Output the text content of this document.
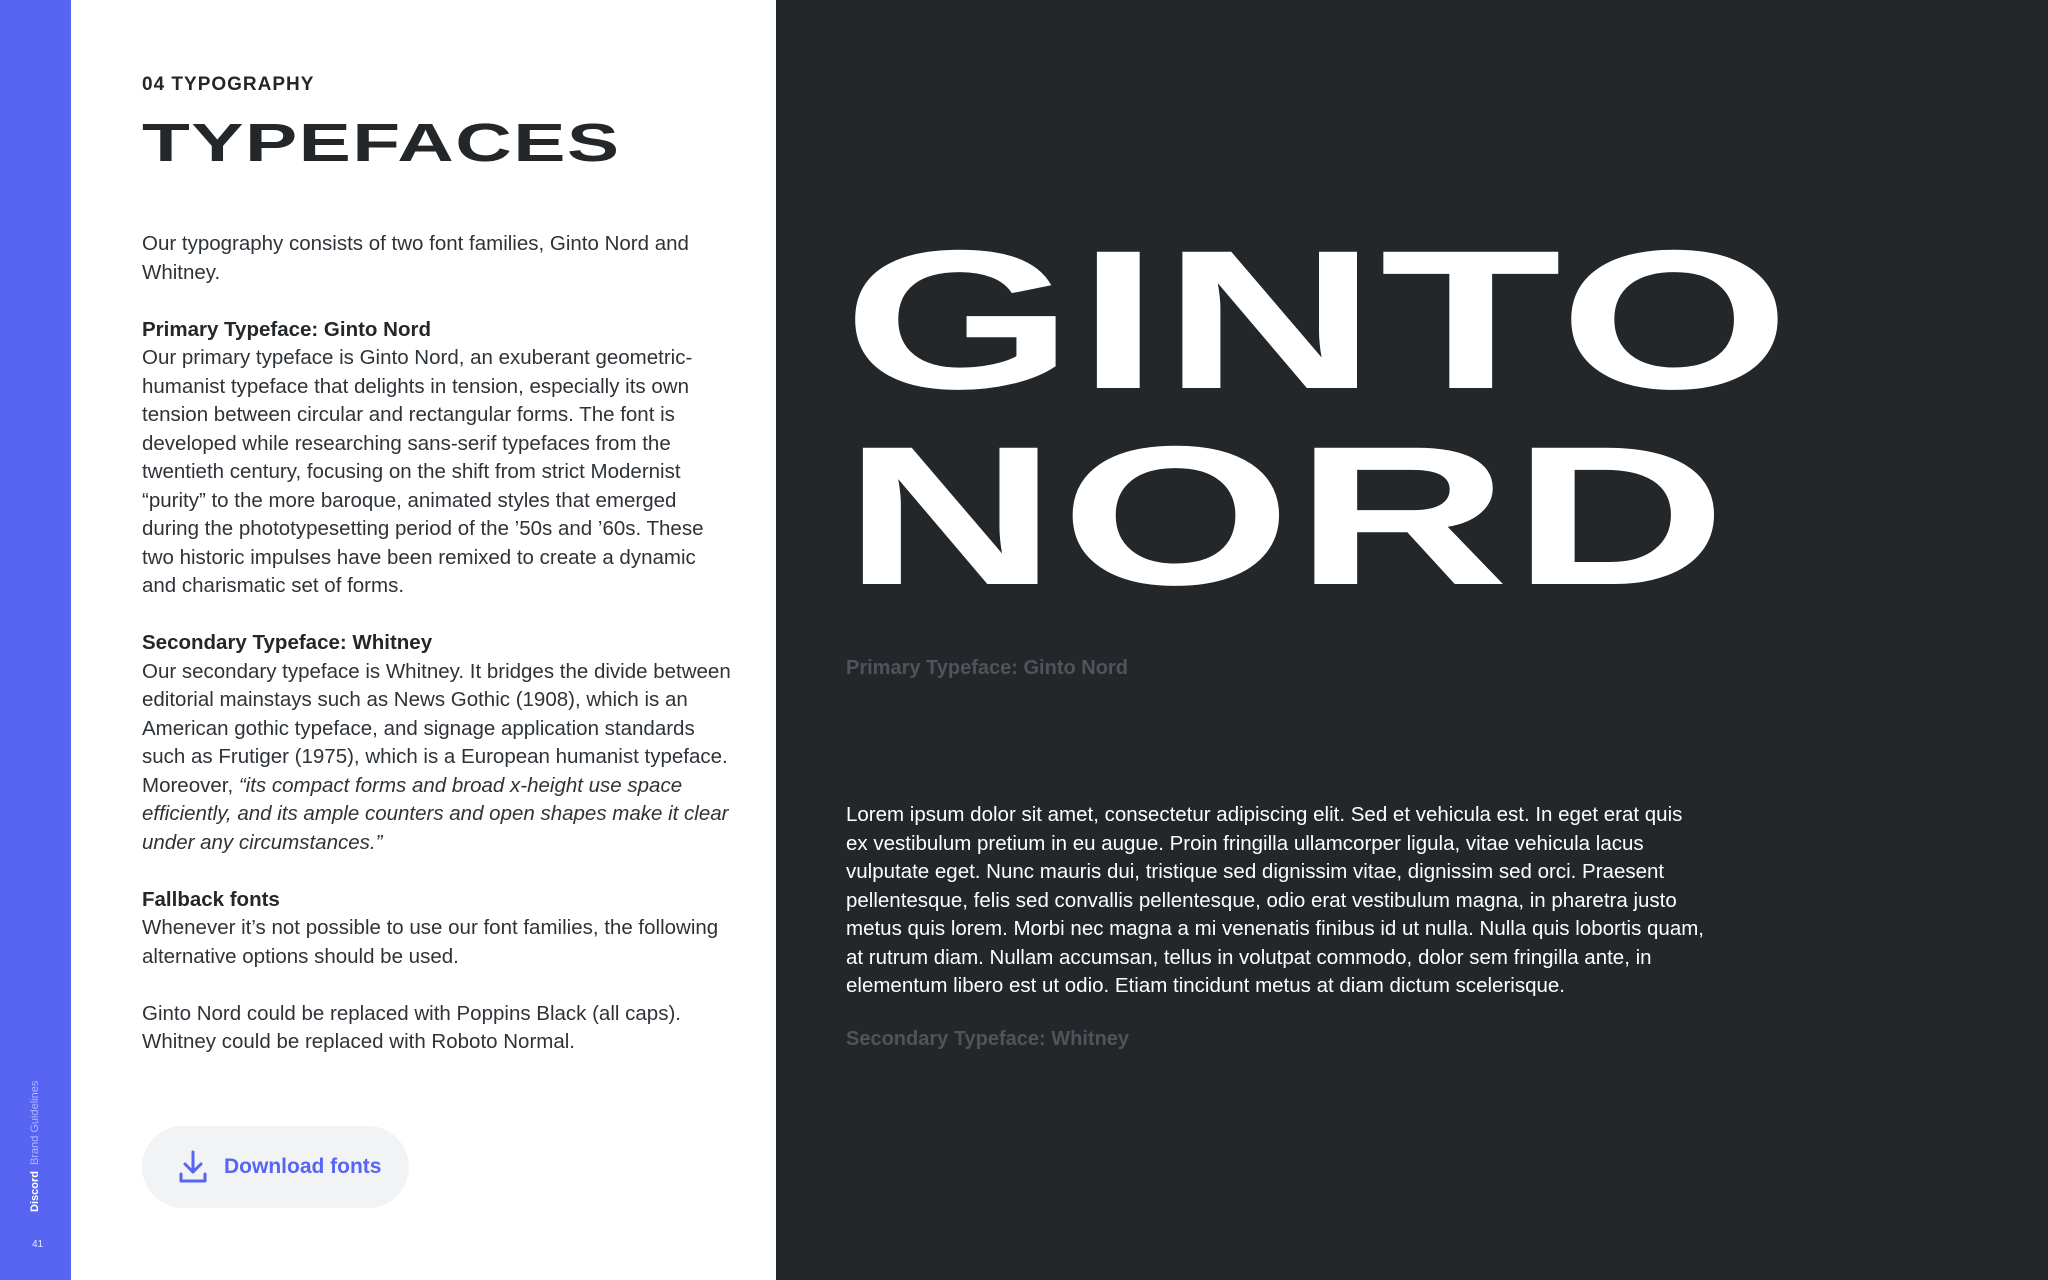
DiscordBrand Guidelines
41
04 TYPOGRAPHY
TYPEFACES

Our typography consists of two font families, Ginto Nord and Whitney.

Primary Typeface: Ginto Nord
Our primary typeface is Ginto Nord, an exuberant geometric-humanist typeface that delights in tension, especially its own tension between circular and rectangular forms. The font is developed while researching sans-serif typefaces from the twentieth century, focusing on the shift from strict Modernist “purity” to the more baroque, animated styles that emerged during the phototypesetting period of the ’50s and ’60s. These two historic impulses have been remixed to create a dynamic and charismatic set of forms.
Secondary Typeface: Whitney
Our secondary typeface is Whitney. It bridges the divide between editorial mainstays such as News Gothic (1908), which is an American gothic typeface, and signage application standards such as Frutiger (1975), which is a European humanist typeface. Moreover, “its compact forms and broad x-height use space efficiently, and its ample counters and open shapes make it clear under any circumstances.”
Fallback fonts
Whenever it’s not possible to use our font families, the following alternative options should be used.
Ginto Nord could be replaced with Poppins Black (all caps).
Whitney could be replaced with Roboto Normal.
Download fonts
GINTO
NORD
Primary Typeface: Ginto Nord
Lorem ipsum dolor sit amet, consectetur adipiscing elit. Sed et vehicula est. In eget erat quis ex vestibulum pretium in eu augue. Proin fringilla ullamcorper ligula, vitae vehicula lacus vulputate eget. Nunc mauris dui, tristique sed dignissim vitae, dignissim sed orci. Praesent pellentesque, felis sed convallis pellentesque, odio erat vestibulum magna, in pharetra justo metus quis lorem. Morbi nec magna a mi venenatis finibus id ut nulla. Nulla quis lobortis quam, at rutrum diam. Nullam accumsan, tellus in volutpat commodo, dolor sem fringilla ante, in elementum libero est ut odio. Etiam tincidunt metus at diam dictum scelerisque.
Secondary Typeface: Whitney
